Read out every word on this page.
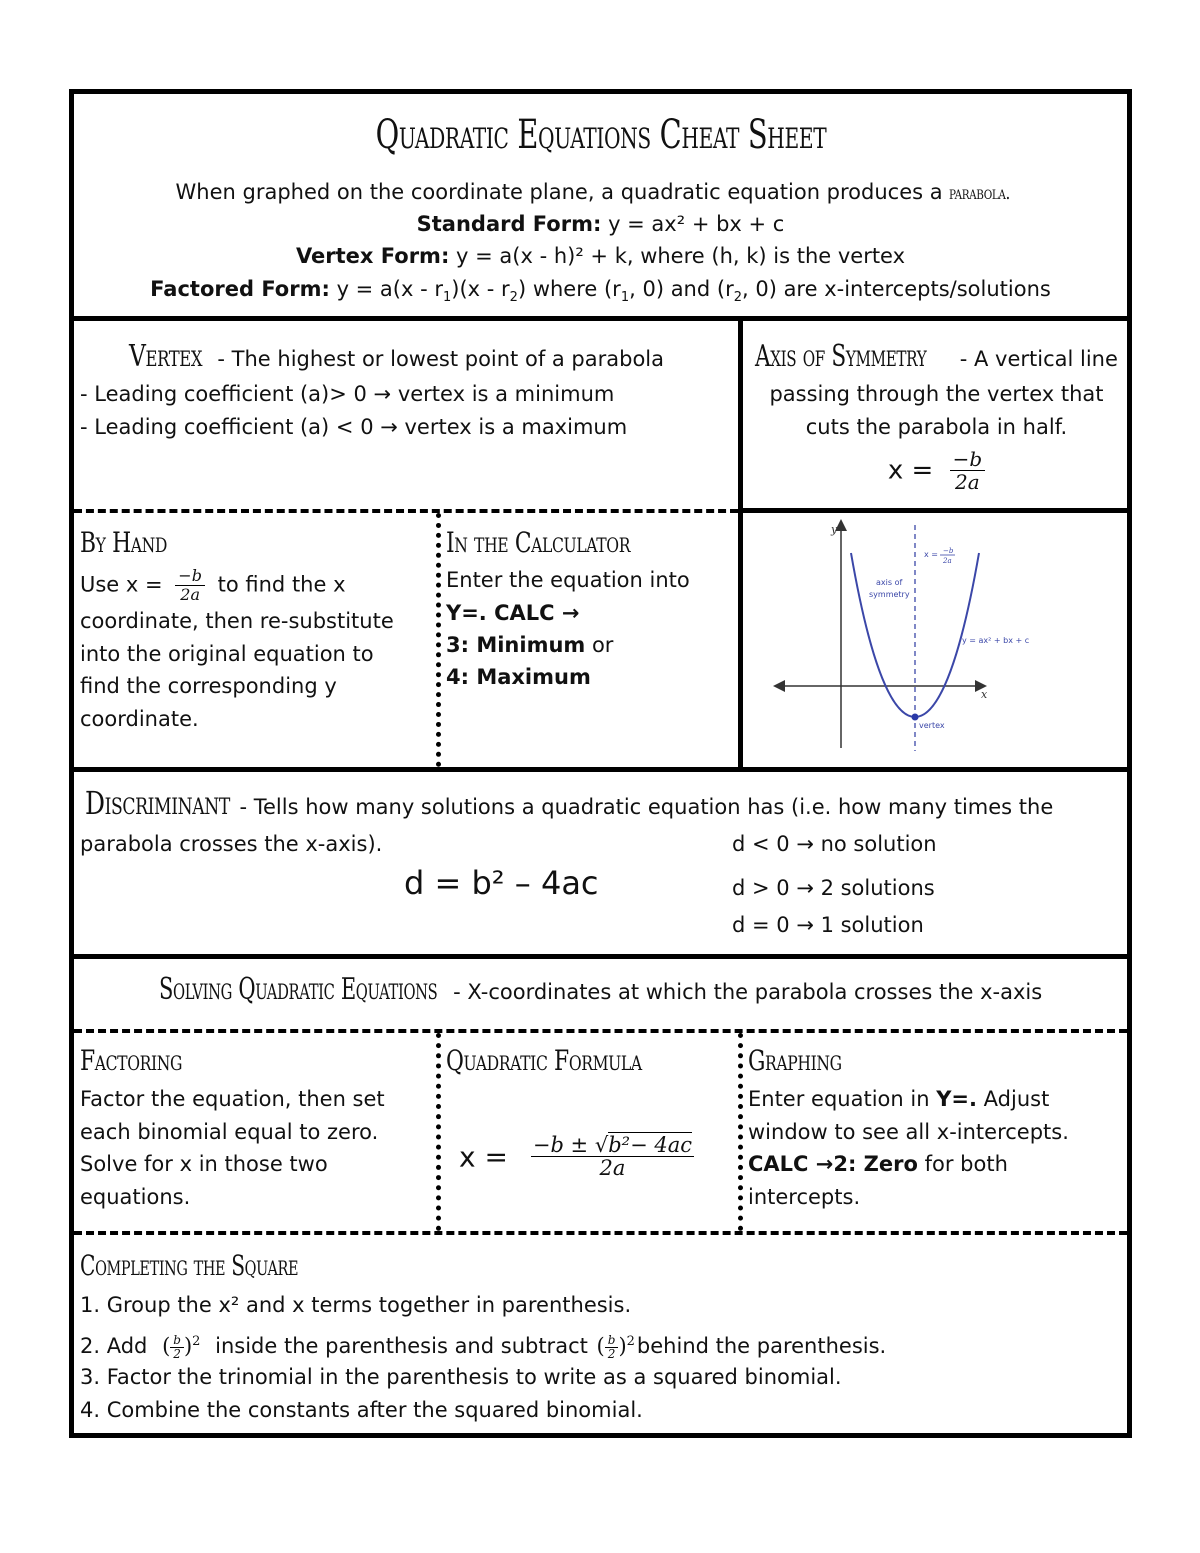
Quadratic Equations Cheat Sheet
When graphed on the coordinate plane, a quadratic equation produces a parabola.
Standard Form: y = ax² + bx + c
Vertex Form: y = a(x - h)² + k, where (h, k) is the vertex
Factored Form: $y = a(x - r_1)(x - r_2)$ where ($r_1$, 0) and ($r_2$, 0) are x-intercepts/solutions
Vertex - The highest or lowest point of a parabola
- Leading coefficient (a)> 0 → vertex is a minimum
- Leading coefficient (a) < 0 → vertex is a maximum
Axis of Symmetry - A vertical line
passing through the vertex that
cuts the parabola in half.
$x = \frac{-b}{2a}$
By Hand
Use $x = \frac{-b}{2a}$ to find the x
coordinate, then re-substitute
into the original equation to
find the corresponding y
coordinate.
In the Calculator
Enter the equation into
Y=. CALC →
3: Minimum or
4: Maximum
y
x
x = −b
2a
axis of
symmetry
y = ax² + bx + c
vertex
Discriminant - Tells how many solutions a quadratic equation has (i.e. how many times the
parabola crosses the x-axis).
d = b² – 4ac
d < 0 → no solution
d > 0 → 2 solutions
d = 0 → 1 solution
Solving Quadratic Equations - X-coordinates at which the parabola crosses the x-axis
Factoring
Factor the equation, then set
each binomial equal to zero.
Solve for x in those two
equations.
Quadratic Formula
$x = \frac{\text{−b ± √b²− 4ac}}{2a}$
Graphing
Enter equation in Y=. Adjust
window to see all x-intercepts.
CALC →2: Zero for both
intercepts.
Completing the Square
1. Group the x² and x terms together in parenthesis.
2. Add ( $\frac{b}{2} )^2$ inside the parenthesis and subtract ( $\frac{b}{2}$ )$^2$behind the parenthesis.
3. Factor the trinomial in the parenthesis to write as a squared binomial.
4. Combine the constants after the squared binomial.
